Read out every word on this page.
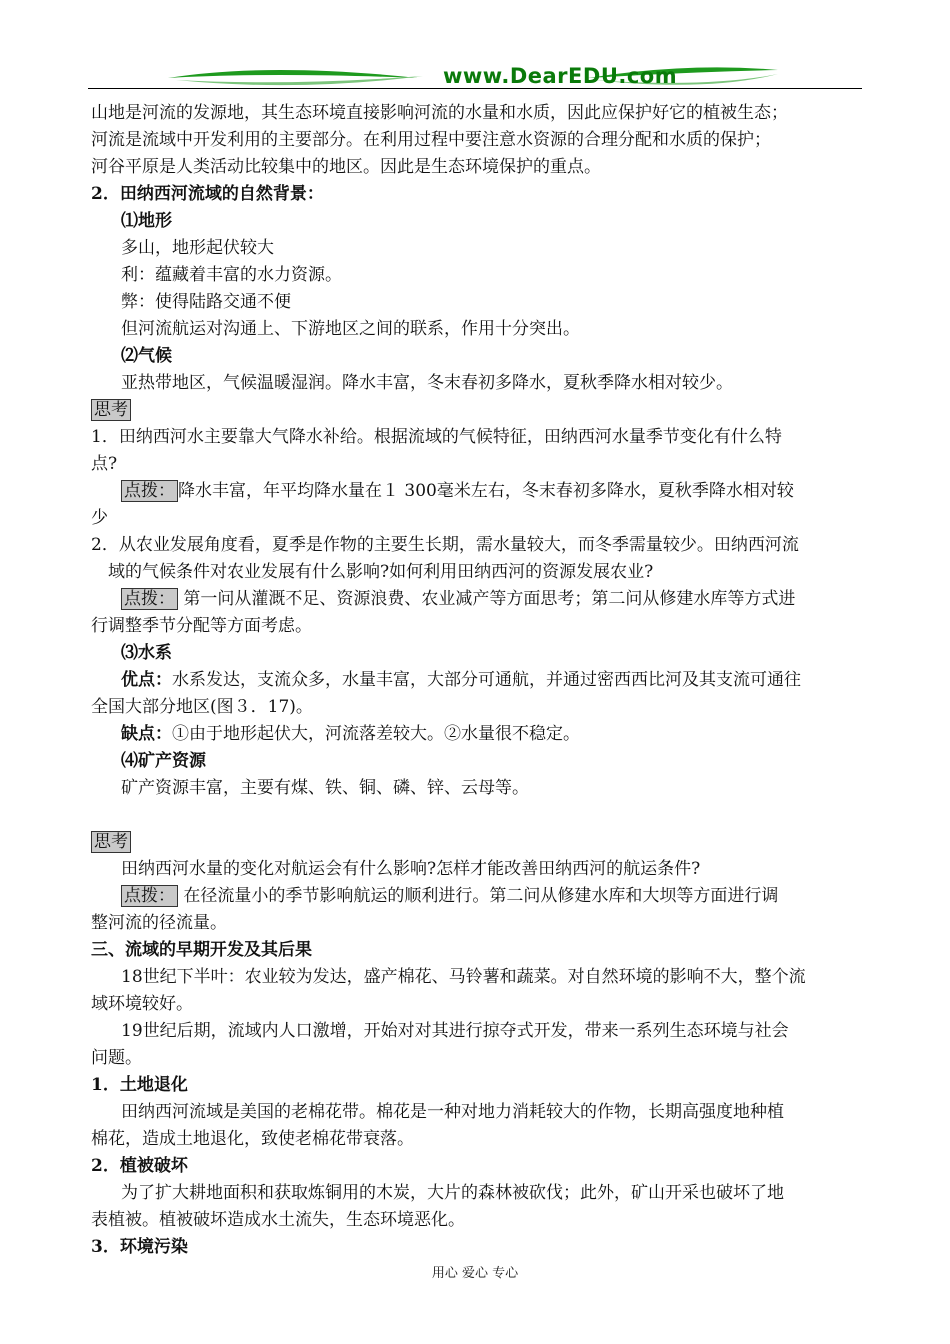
www.DearEDU.com
山地是河流的发源地，其生态环境直接影响河流的水量和水质，因此应保护好它的植被生态；
河流是流域中开发利用的主要部分。在利用过程中要注意水资源的合理分配和水质的保护；
河谷平原是人类活动比较集中的地区。因此是生态环境保护的重点。
2．田纳西河流域的自然背景：
⑴地形
多山，地形起伏较大
利：蕴藏着丰富的水力资源。
弊：使得陆路交通不便
但河流航运对沟通上、下游地区之间的联系，作用十分突出。
⑵气候
亚热带地区，气候温暖湿润。降水丰富，冬末春初多降水，夏秋季降水相对较少。
思考
1．田纳西河水主要靠大气降水补给。根据流域的气候特征，田纳西河水量季节变化有什么特
点?
点拨： 降水丰富，年平均降水量在１ 300毫米左右，冬末春初多降水，夏秋季降水相对较
少
2．从农业发展角度看，夏季是作物的主要生长期，需水量较大，而冬季需量较少。田纳西河流
域的气候条件对农业发展有什么影响?如何利用田纳西河的资源发展农业?
点拨： 第一问从灌溉不足、资源浪费、农业减产等方面思考；第二问从修建水库等方式进
行调整季节分配等方面考虑。
⑶水系
优点：水系发达，支流众多，水量丰富，大部分可通航，并通过密西西比河及其支流可通往
全国大部分地区(图３．17)。
缺点：①由于地形起伏大，河流落差较大。②水量很不稳定。
⑷矿产资源
矿产资源丰富，主要有煤、铁、铜、磷、锌、云母等。
思考
田纳西河水量的变化对航运会有什么影响?怎样才能改善田纳西河的航运条件?
点拨： 在径流量小的季节影响航运的顺利进行。第二问从修建水库和大坝等方面进行调
整河流的径流量。
三、流域的早期开发及其后果
18世纪下半叶：农业较为发达，盛产棉花、马铃薯和蔬菜。对自然环境的影响不大，整个流
域环境较好。
19世纪后期，流域内人口激增，开始对对其进行掠夺式开发，带来一系列生态环境与社会
问题。
1．土地退化
田纳西河流域是美国的老棉花带。棉花是一种对地力消耗较大的作物，长期高强度地种植
棉花，造成土地退化，致使老棉花带衰落。
2．植被破坏
为了扩大耕地面积和获取炼铜用的木炭，大片的森林被砍伐；此外，矿山开采也破坏了地
表植被。植被破坏造成水土流失，生态环境恶化。
3．环境污染
用心 爱心 专心
